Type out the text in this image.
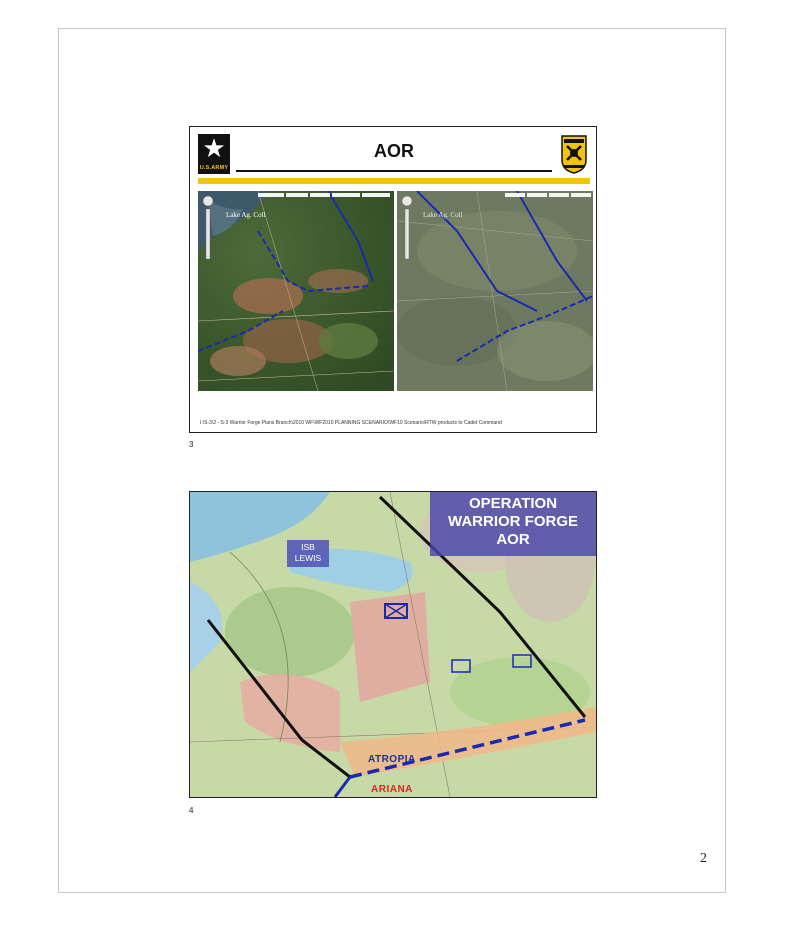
★
U.S.ARMY
AOR
Lake Ag. Coll	Lake Ag. Coll
I:\S-3\2 - S-3 Warrior Forge Plans Branch\2010 WF\WF2010 PLANNING SCENARIO\WF10 Scenario\RTW products to Cadet Command
3
OPERATION
WARRIOR FORGE
AOR
ISB
LEWIS
ATROPIA
ARIANA
4
2
